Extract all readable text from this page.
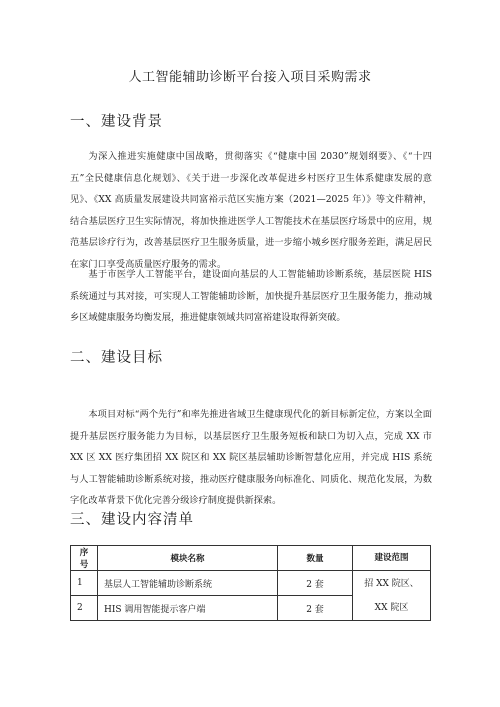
人工智能辅助诊断平台接入项目采购需求
一、建设背景

为深入推进实施健康中国战略，贯彻落实《“健康中国 2030”规划纲要》、《“十四五”全民健康信息化规划》、《关于进一步深化改革促进乡村医疗卫生体系健康发展的意见》、《XX 高质量发展建设共同富裕示范区实施方案（2021—2025 年）》等文件精神，结合基层医疗卫生实际情况，将加快推进医学人工智能技术在基层医疗场景中的应用，规范基层诊疗行为，改善基层医疗卫生服务质量，进一步缩小城乡医疗服务差距，满足居民在家门口享受高质量医疗服务的需求。

基于市医学人工智能平台，建设面向基层的人工智能辅助诊断系统，基层医院 HIS 系统通过与其对接，可实现人工智能辅助诊断，加快提升基层医疗卫生服务能力，推动城乡区域健康服务均衡发展，推进健康领域共同富裕建设取得新突破。

二、建设目标

本项目对标“两个先行”和率先推进省域卫生健康现代化的新目标新定位，方案以全面提升基层医疗服务能力为目标，以基层医疗卫生服务短板和缺口为切入点，完成 XX 市 XX 区 XX 医疗集团招 XX 院区和 XX 院区基层辅助诊断智慧化应用，并完成 HIS 系统与人工智能辅助诊断系统对接，推动医疗健康服务向标准化、同质化、规范化发展，为数字化改革背景下优化完善分级诊疗制度提供新探索。

三、建设内容清单
序号	模块名称	数量	建设范围
1	基层人工智能辅助诊断系统	2 套	招 XX 院区、XX 院区
2	HIS 调用智能提示客户端	2 套	
